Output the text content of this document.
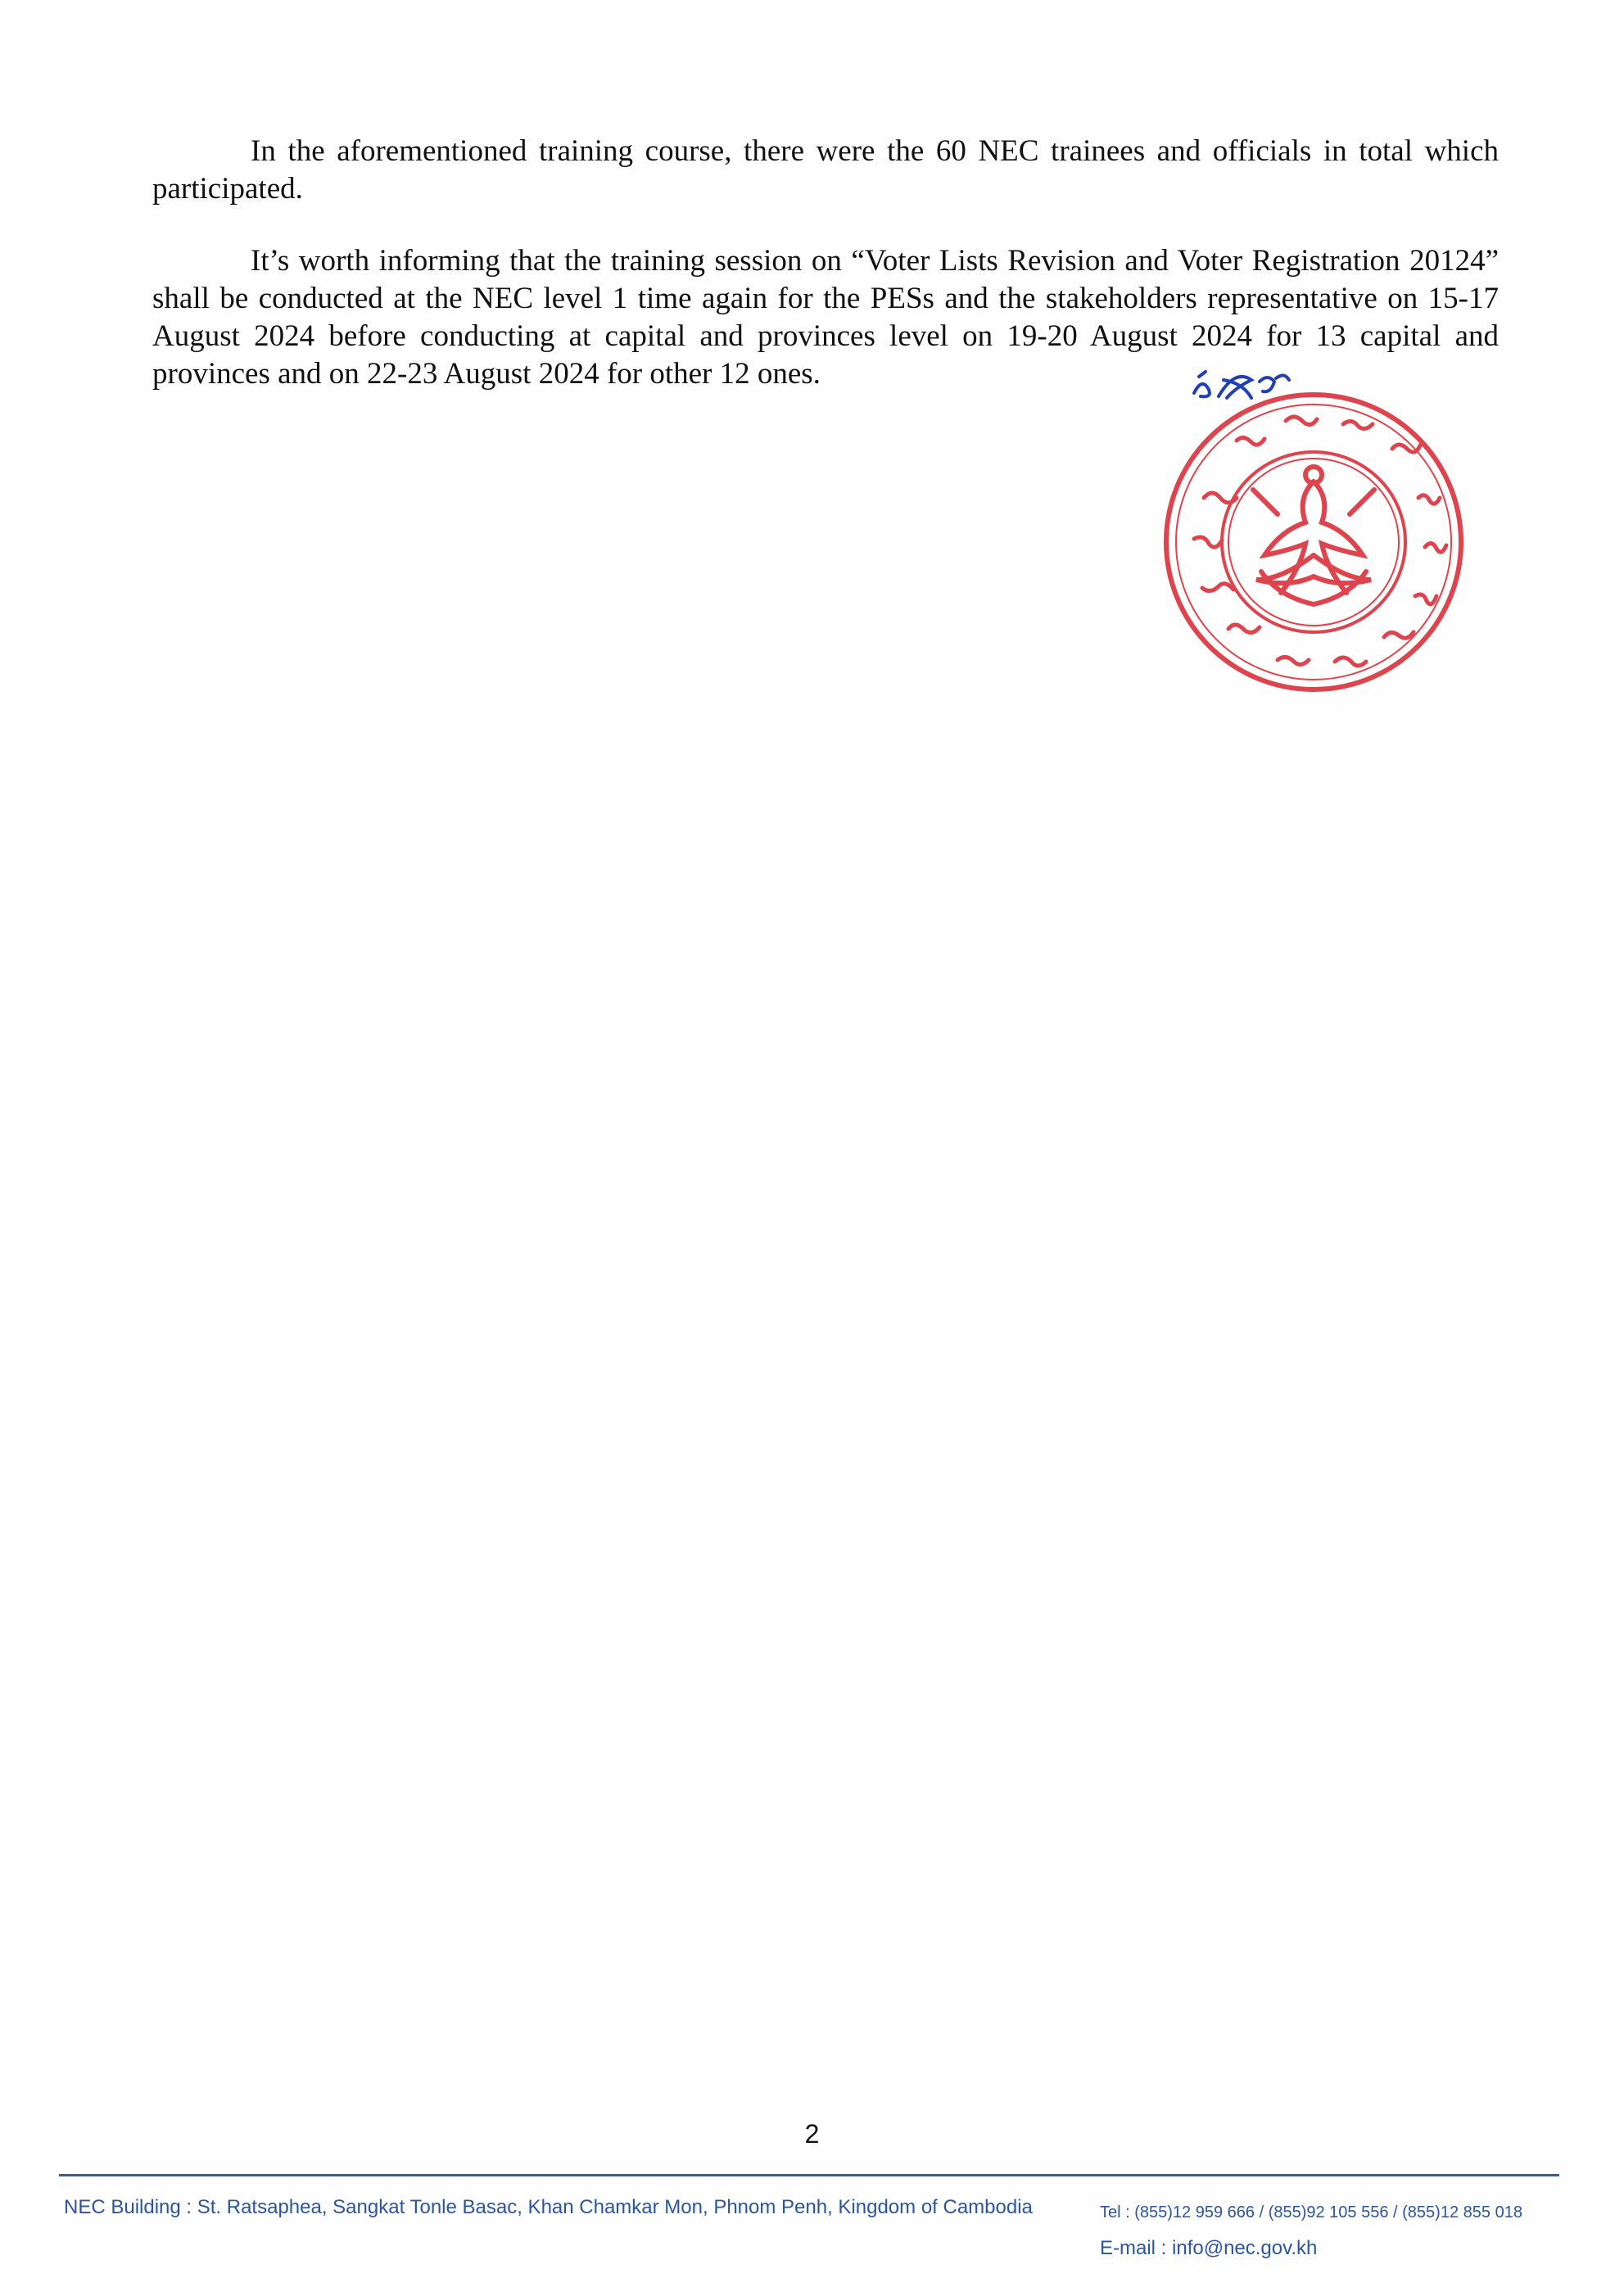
In the aforementioned training course, there were the 60 NEC trainees and officials in total which participated.

It’s worth informing that the training session on “Voter Lists Revision and Voter Registration 20124” shall be conducted at the NEC level 1 time again for the PESs and the stakeholders representative on 15-17 August 2024 before conducting at capital and provinces level on 19-20 August 2024 for 13 capital and provinces and on 22-23 August 2024 for other 12 ones.

2
NEC Building : St. Ratsaphea, Sangkat Tonle Basac, Khan Chamkar Mon, Phnom Penh, Kingdom of Cambodia	Tel : (855)12 959 666 / (855)92 105 556 / (855)12 855 018
E-mail : info@nec.gov.kh
